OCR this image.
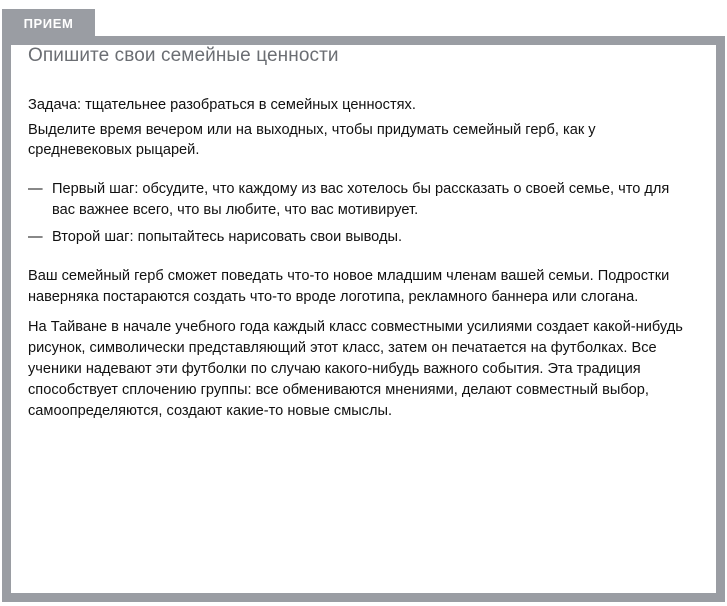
ПРИЕМ
Опишите свои семейные ценности

Задача: тщательнее разобраться в семейных ценностях.

Выделите время вечером или на выходных, чтобы придумать семейный герб, как у средневековых рыцарей.

— Первый шаг: обсудите, что каждому из вас хотелось бы рассказать о своей семье, что для вас важнее всего, что вы любите, что вас мотивирует.
— Второй шаг: попытайтесь нарисовать свои выводы.

Ваш семейный герб сможет поведать что-то новое младшим членам вашей семьи. Подростки наверняка постараются создать что-то вроде логотипа, рекламного баннера или слогана.

На Тайване в начале учебного года каждый класс совместными усилиями создает какой-нибудь рисунок, символически представляющий этот класс, затем он печатается на футболках. Все ученики надевают эти футболки по случаю какого-нибудь важного события. Эта традиция способствует сплочению группы: все обмениваются мнениями, делают совместный выбор, самоопределяются, создают какие-то новые смыслы.
